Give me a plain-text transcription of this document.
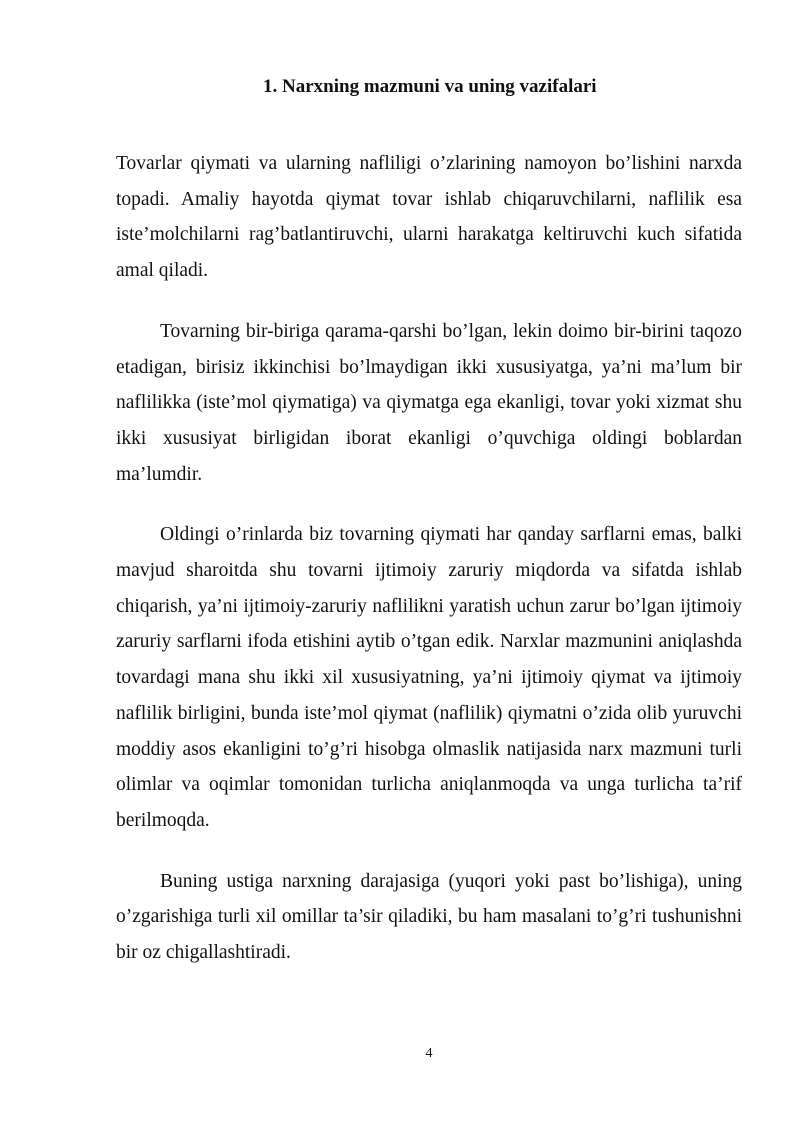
1. Narxning mazmuni va uning vazifalari

Tovarlar qiymati va ularning nafliligi o’zlarining namoyon bo’lishini narxda topadi. Amaliy hayotda qiymat tovar ishlab chiqaruvchilarni, naflilik esa iste’molchilarni rag’batlantiruvchi, ularni harakatga keltiruvchi kuch sifatida amal qiladi.

Tovarning bir-biriga qarama-qarshi bo’lgan, lekin doimo bir-birini taqozo etadigan, birisiz ikkinchisi bo’lmaydigan ikki xususiyatga, ya’ni ma’lum bir naflilikka (iste’mol qiymatiga) va qiymatga ega ekanligi, tovar yoki xizmat shu ikki xususiyat birligidan iborat ekanligi o’quvchiga oldingi boblardan ma’lumdir.

Oldingi o’rinlarda biz tovarning qiymati har qanday sarflarni emas, balki mavjud sharoitda shu tovarni ijtimoiy zaruriy miqdorda va sifatda ishlab chiqarish, ya’ni ijtimoiy-zaruriy naflilikni yaratish uchun zarur bo’lgan ijtimoiy zaruriy sarflarni ifoda etishini aytib o’tgan edik. Narxlar mazmunini aniqlashda tovardagi mana shu ikki xil xususiyatning, ya’ni ijtimoiy qiymat va ijtimoiy naflilik birligini, bunda iste’mol qiymat (naflilik) qiymatni o’zida olib yuruvchi moddiy asos ekanligini to’g’ri hisobga olmaslik natijasida narx mazmuni turli olimlar va oqimlar tomonidan turlicha aniqlanmoqda va unga turlicha ta’rif berilmoqda.

Buning ustiga narxning darajasiga (yuqori yoki past bo’lishiga), uning o’zgarishiga turli xil omillar ta’sir qiladiki, bu ham masalani to’g’ri tushunishni bir oz chigallashtiradi.

4
